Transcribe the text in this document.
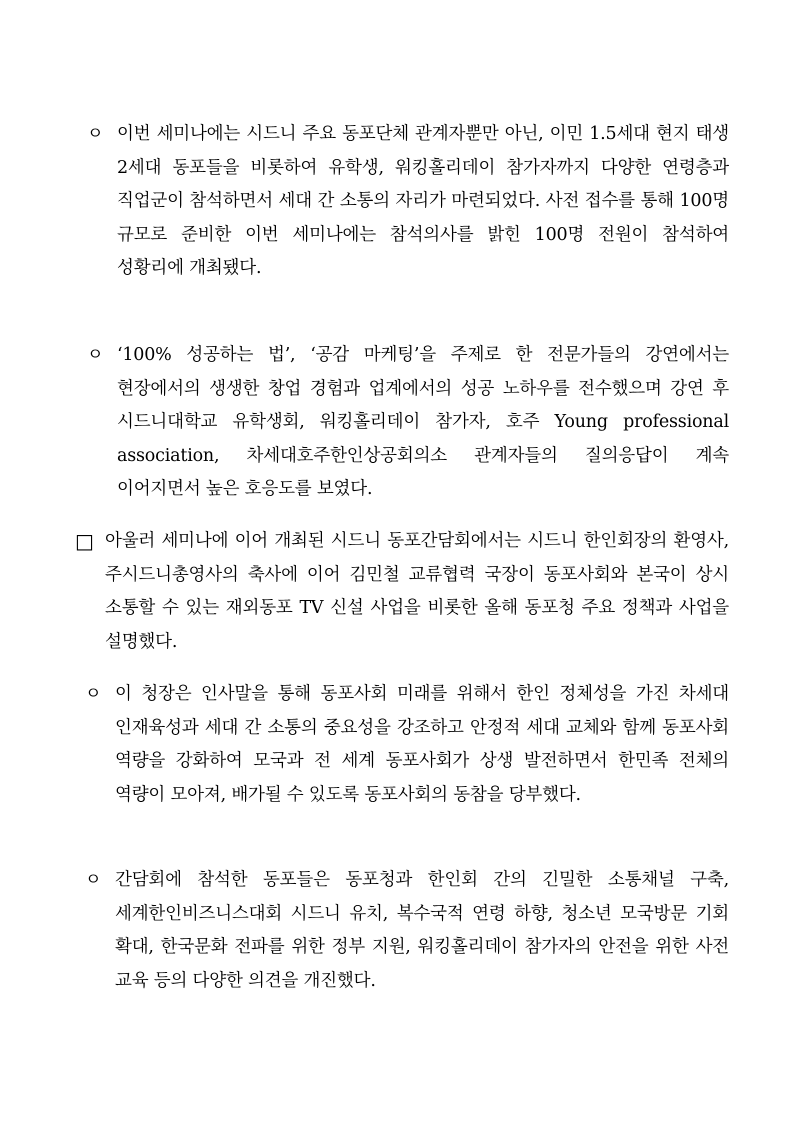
ㅇ 이번 세미나에는 시드니 주요 동포단체 관계자뿐만 아닌, 이민 1.5세대 현지 태생 2세대 동포들을 비롯하여 유학생, 워킹홀리데이 참가자까지 다양한 연령층과 직업군이 참석하면서 세대 간 소통의 자리가 마련되었다. 사전 접수를 통해 100명 규모로 준비한 이번 세미나에는 참석의사를 밝힌 100명 전원이 참석하여 성황리에 개최됐다.
ㅇ ‘100% 성공하는 법’, ‘공감 마케팅’을 주제로 한 전문가들의 강연에서는 현장에서의 생생한 창업 경험과 업계에서의 성공 노하우를 전수했으며 강연 후 시드니대학교 유학생회, 워킹홀리데이 참가자, 호주 Young professional association, 차세대호주한인상공회의소 관계자들의 질의응답이 계속 이어지면서 높은 호응도를 보였다.
□ 아울러 세미나에 이어 개최된 시드니 동포간담회에서는 시드니 한인회장의 환영사, 주시드니총영사의 축사에 이어 김민철 교류협력 국장이 동포사회와 본국이 상시 소통할 수 있는 재외동포 TV 신설 사업을 비롯한 올해 동포청 주요 정책과 사업을 설명했다.
ㅇ 이 청장은 인사말을 통해 동포사회 미래를 위해서 한인 정체성을 가진 차세대 인재육성과 세대 간 소통의 중요성을 강조하고 안정적 세대 교체와 함께 동포사회 역량을 강화하여 모국과 전 세계 동포사회가 상생 발전하면서 한민족 전체의 역량이 모아져, 배가될 수 있도록 동포사회의 동참을 당부했다.
ㅇ 간담회에 참석한 동포들은 동포청과 한인회 간의 긴밀한 소통채널 구축, 세계한인비즈니스대회 시드니 유치, 복수국적 연령 하향, 청소년 모국방문 기회 확대, 한국문화 전파를 위한 정부 지원, 워킹홀리데이 참가자의 안전을 위한 사전 교육 등의 다양한 의견을 개진했다.
